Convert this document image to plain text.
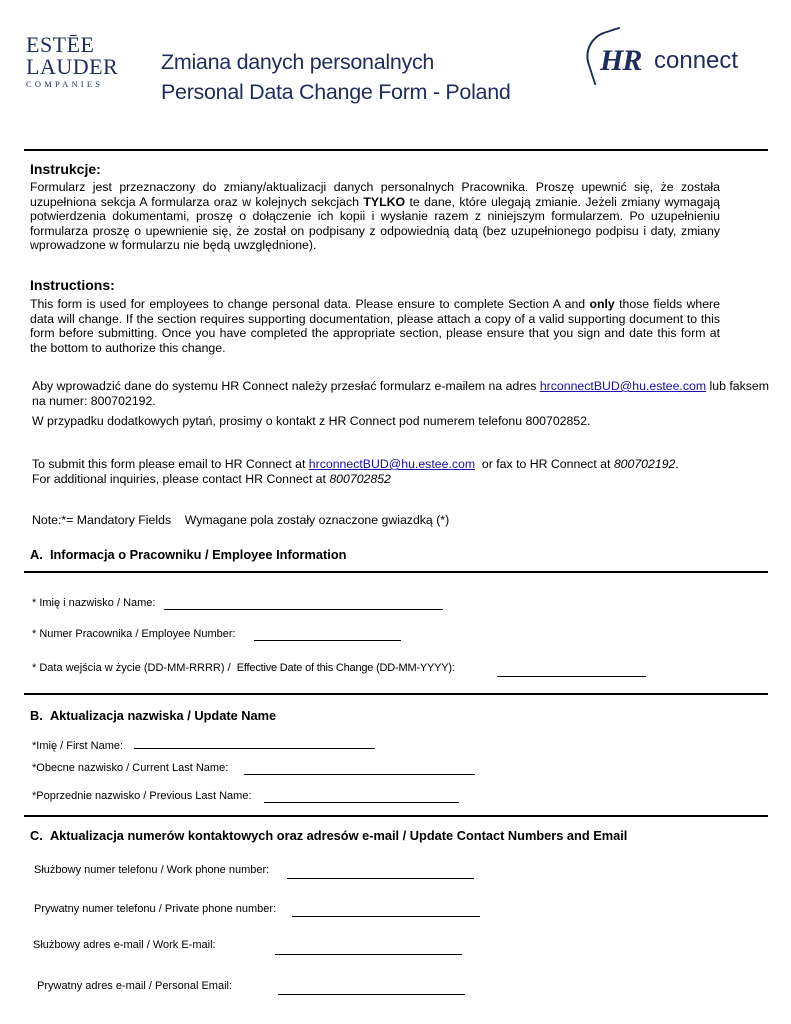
ESTĒE
LAUDER
COMPANIES
Zmiana danych personalnych
Personal Data Change Form - Poland
HR connect
Instrukcje:
Formularz jest przeznaczony do zmiany/aktualizacji danych personalnych Pracownika. Proszę upewnić się, że została uzupełniona sekcja A formularza oraz w kolejnych sekcjach TYLKO te dane, które ulegają zmianie. Jeżeli zmiany wymagają potwierdzenia dokumentami, proszę o dołączenie ich kopii i wysłanie razem z niniejszym formularzem. Po uzupełnieniu formularza proszę o upewnienie się, że został on podpisany z odpowiednią datą (bez uzupełnionego podpisu i daty, zmiany wprowadzone w formularzu nie będą uwzględnione).
Instructions:
This form is used for employees to change personal data. Please ensure to complete Section A and only those fields where data will change. If the section requires supporting documentation, please attach a copy of a valid supporting document to this form before submitting. Once you have completed the appropriate section, please ensure that you sign and date this form at the bottom to authorize this change.
Aby wprowadzić dane do systemu HR Connect należy przesłać formularz e-mailem na adres hrconnectBUD@hu.estee.com lub faksem na numer: 800702192.
W przypadku dodatkowych pytań, prosimy o kontakt z HR Connect pod numerem telefonu 800702852.
To submit this form please email to HR Connect at hrconnectBUD@hu.estee.com  or fax to HR Connect at 800702192.
For additional inquiries, please contact HR Connect at 800702852
Note:*= Mandatory Fields    Wymagane pola zostały oznaczone gwiazdką (*)
A. Informacja o Pracowniku / Employee Information
* Imię i nazwisko / Name:
* Numer Pracownika / Employee Number:
* Data wejścia w życie (DD-MM-RRRR) / Effective Date of this Change (DD-MM-YYYY):
B. Aktualizacja nazwiska / Update Name
*Imię / First Name:
*Obecne nazwisko / Current Last Name:
*Poprzednie nazwisko / Previous Last Name:
C. Aktualizacja numerów kontaktowych oraz adresów e-mail / Update Contact Numbers and Email
Służbowy numer telefonu / Work phone number:
Prywatny numer telefonu / Private phone number:
Służbowy adres e-mail / Work E-mail:
Prywatny adres e-mail / Personal Email:
